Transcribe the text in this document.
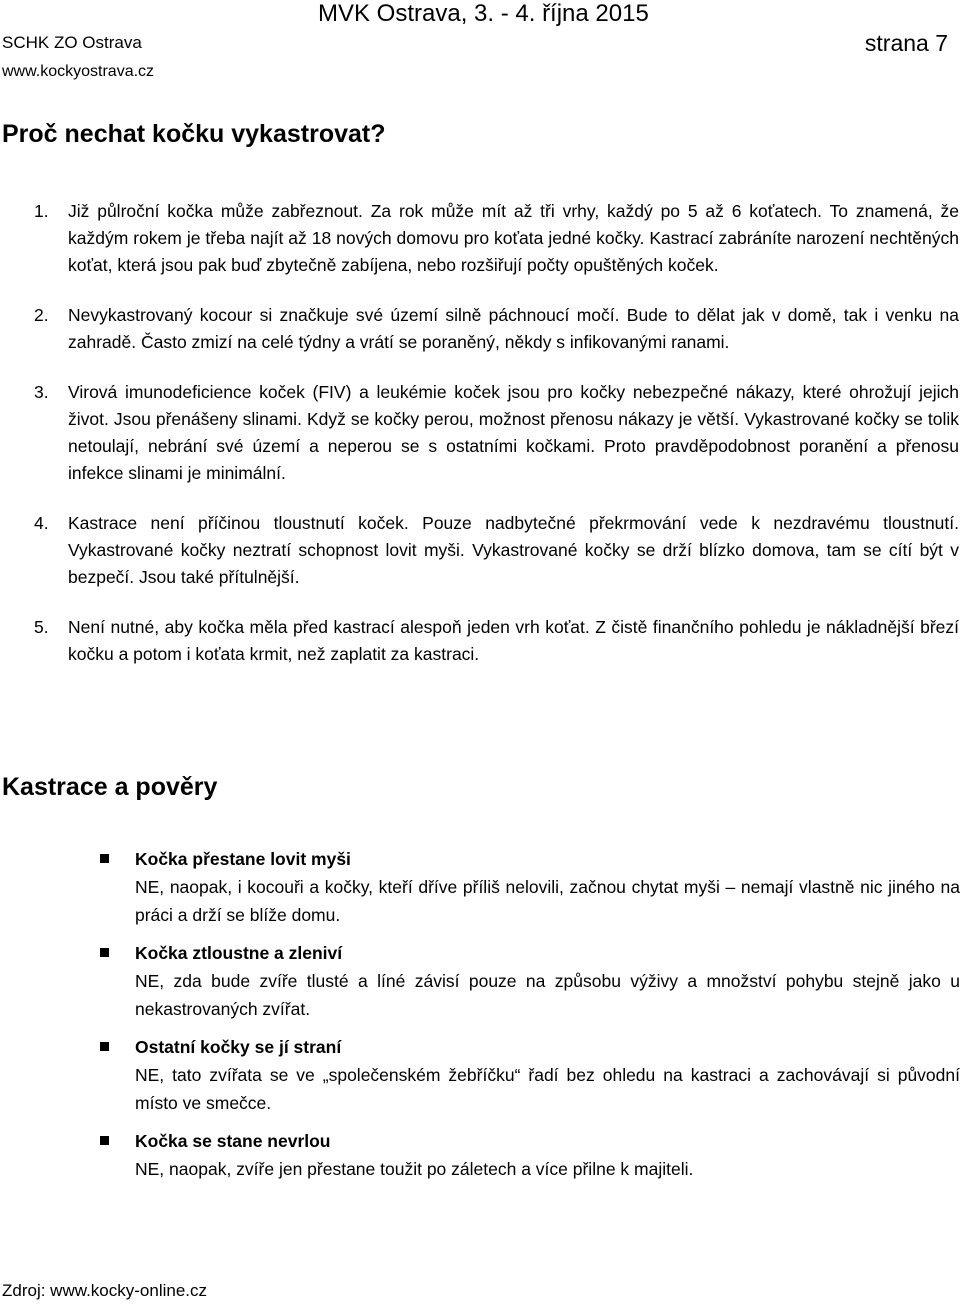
MVK Ostrava, 3. - 4. října 2015
SCHK ZO Ostrava	strana 7
www.kockyostrava.cz
Proč nechat kočku vykastrovat?
1. Již půlroční kočka může zabřeznout. Za rok může mít až tři vrhy, každý po 5 až 6 koťatech. To znamená, že každým rokem je třeba najít až 18 nových domovu pro koťata jedné kočky. Kastrací zabráníte narození nechtěných koťat, která jsou pak buď zbytečně zabíjena, nebo rozšiřují počty opuštěných koček.
2. Nevykastrovaný kocour si značkuje své území silně páchnoucí močí. Bude to dělat jak v domě, tak i venku na zahradě. Často zmizí na celé týdny a vrátí se poraněný, někdy s infikovanými ranami.
3. Virová imunodeficience koček (FIV) a leukémie koček jsou pro kočky nebezpečné nákazy, které ohrožují jejich život. Jsou přenášeny slinami. Když se kočky perou, možnost přenosu nákazy je větší. Vykastrované kočky se tolik netoulají, nebrání své území a neperou se s ostatními kočkami. Proto pravděpodobnost poranění a přenosu infekce slinami je minimální.
4. Kastrace není příčinou tloustnutí koček. Pouze nadbytečné překrmování vede k nezdravému tloustnutí. Vykastrované kočky neztratí schopnost lovit myši. Vykastrované kočky se drží blízko domova, tam se cítí být v bezpečí. Jsou také přítulnější.
5. Není nutné, aby kočka měla před kastrací alespoň jeden vrh koťat. Z čistě finančního pohledu je nákladnější březí kočku a potom i koťata krmit, než zaplatit za kastraci.
Kastrace a pověry
Kočka přestane lovit myši
NE, naopak, i kocouři a kočky, kteří dříve příliš nelovili, začnou chytat myši – nemají vlastně nic jiného na práci a drží se blíže domu.
Kočka ztloustne a zleniví
NE, zda bude zvíře tlusté a líné závisí pouze na způsobu výživy a množství pohybu stejně jako u nekastrovaných zvířat.
Ostatní kočky se jí straní
NE, tato zvířata se ve „společenském žebříčku“ řadí bez ohledu na kastraci a zachovávají si původní místo ve smečce.
Kočka se stane nevrlou
NE, naopak, zvíře jen přestane toužit po záletech a více přilne k majiteli.
Zdroj: www.kocky-online.cz
